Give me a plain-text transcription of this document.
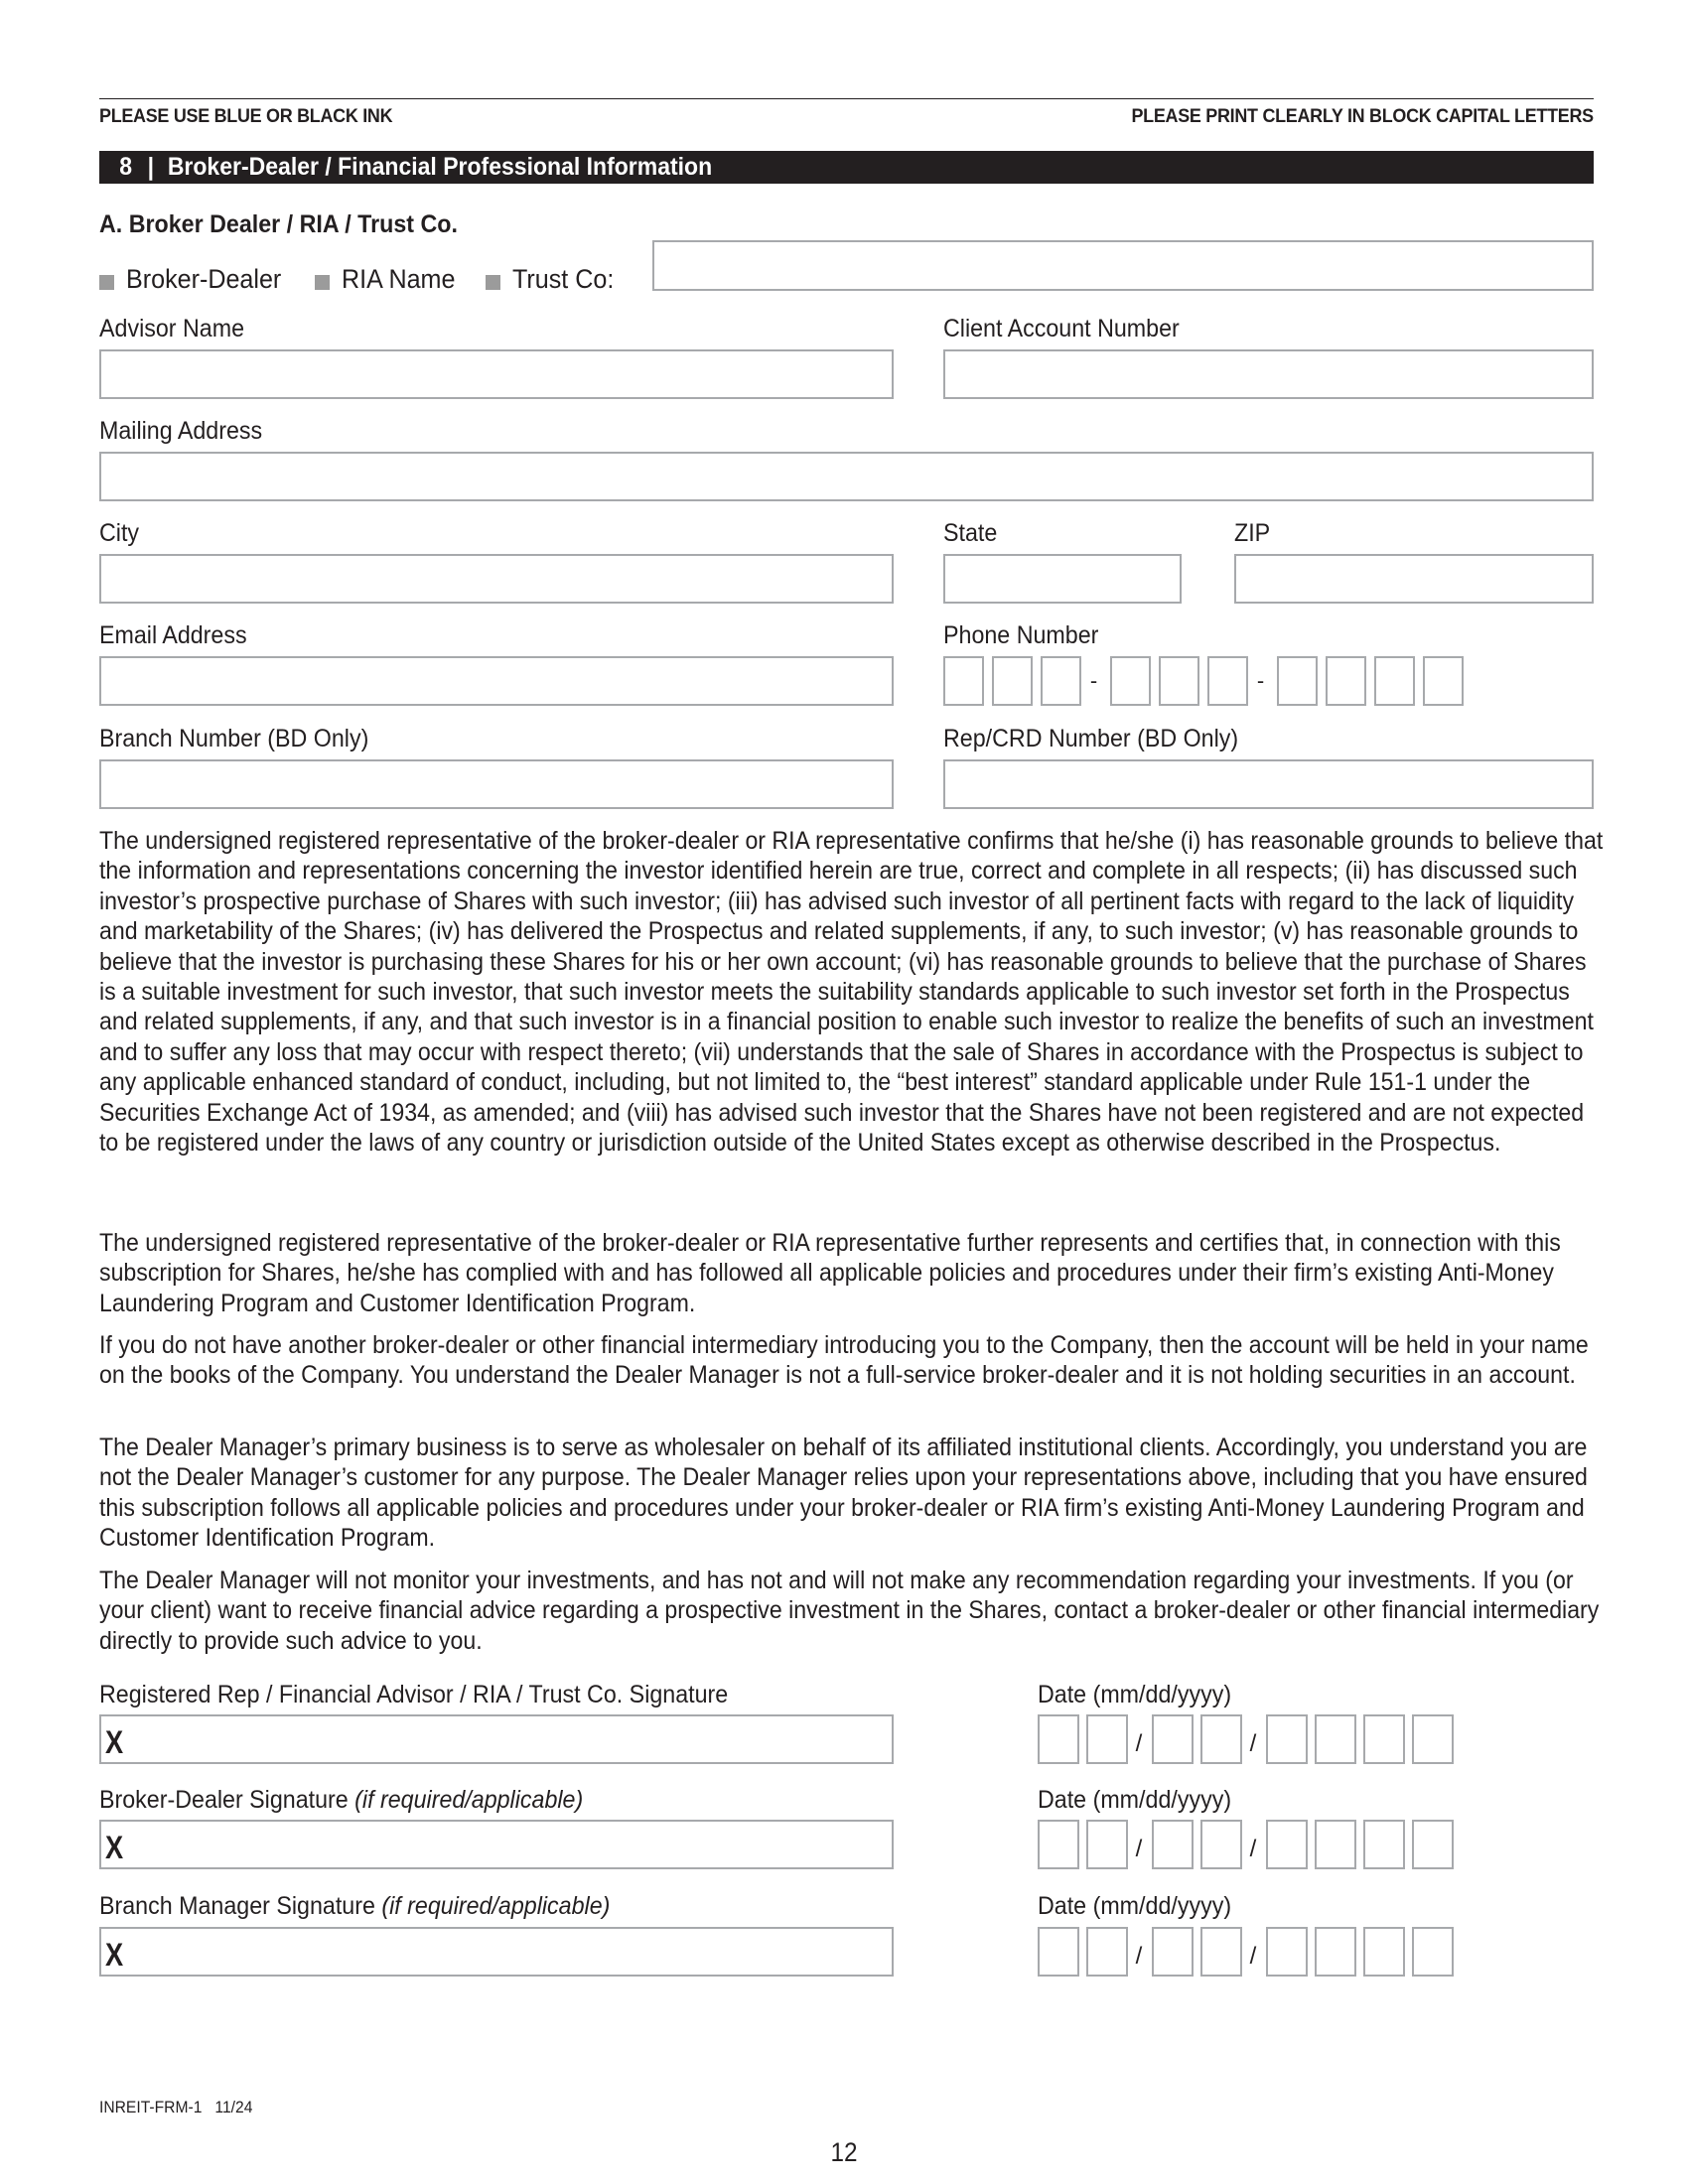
PLEASE USE BLUE OR BLACK INK	PLEASE PRINT CLEARLY IN BLOCK CAPITAL LETTERS
8 | Broker-Dealer / Financial Professional Information
A. Broker Dealer / RIA / Trust Co.
Broker-Dealer RIA Name Trust Co:
Advisor Name	Client Account Number
Mailing Address
City	State	ZIP
Email Address	Phone Number
-	-
Branch Number (BD Only)	Rep/CRD Number (BD Only)
The undersigned registered representative of the broker-dealer or RIA representative confirms that he/she (i) has reasonable grounds to believe that the information and representations concerning the investor identified herein are true, correct and complete in all respects; (ii) has discussed such investor’s prospective purchase of Shares with such investor; (iii) has advised such investor of all pertinent facts with regard to the lack of liquidity and marketability of the Shares; (iv) has delivered the Prospectus and related supplements, if any, to such investor; (v) has reasonable grounds to believe that the investor is purchasing these Shares for his or her own account; (vi) has reasonable grounds to believe that the purchase of Shares is a suitable investment for such investor, that such investor meets the suitability standards applicable to such investor set forth in the Prospectus and related supplements, if any, and that such investor is in a financial position to enable such investor to realize the benefits of such an investment and to suffer any loss that may occur with respect thereto; (vii) understands that the sale of Shares in accordance with the Prospectus is subject to any applicable enhanced standard of conduct, including, but not limited to, the “best interest” standard applicable under Rule 151-1 under the Securities Exchange Act of 1934, as amended; and (viii) has advised such investor that the Shares have not been registered and are not expected to be registered under the laws of any country or jurisdiction outside of the United States except as otherwise described in the Prospectus.
The undersigned registered representative of the broker-dealer or RIA representative further represents and certifies that, in connection with this subscription for Shares, he/she has complied with and has followed all applicable policies and procedures under their firm’s existing Anti-Money Laundering Program and Customer Identification Program.
If you do not have another broker-dealer or other financial intermediary introducing you to the Company, then the account will be held in your name on the books of the Company. You understand the Dealer Manager is not a full-service broker-dealer and it is not holding securities in an account.
The Dealer Manager’s primary business is to serve as wholesaler on behalf of its affiliated institutional clients. Accordingly, you understand you are not the Dealer Manager’s customer for any purpose. The Dealer Manager relies upon your representations above, including that you have ensured this subscription follows all applicable policies and procedures under your broker-dealer or RIA firm’s existing Anti-Money Laundering Program and Customer Identification Program.
The Dealer Manager will not monitor your investments, and has not and will not make any recommendation regarding your investments. If you (or your client) want to receive financial advice regarding a prospective investment in the Shares, contact a broker-dealer or other financial intermediary directly to provide such advice to you.
Registered Rep / Financial Advisor / RIA / Trust Co. Signature
X
Date (mm/dd/yyyy)
/	/
Broker-Dealer Signature (if required/applicable)
X
Date (mm/dd/yyyy)
/	/
Branch Manager Signature (if required/applicable)
X
Date (mm/dd/yyyy)
/	/
INREIT-FRM-1   11/24
12
